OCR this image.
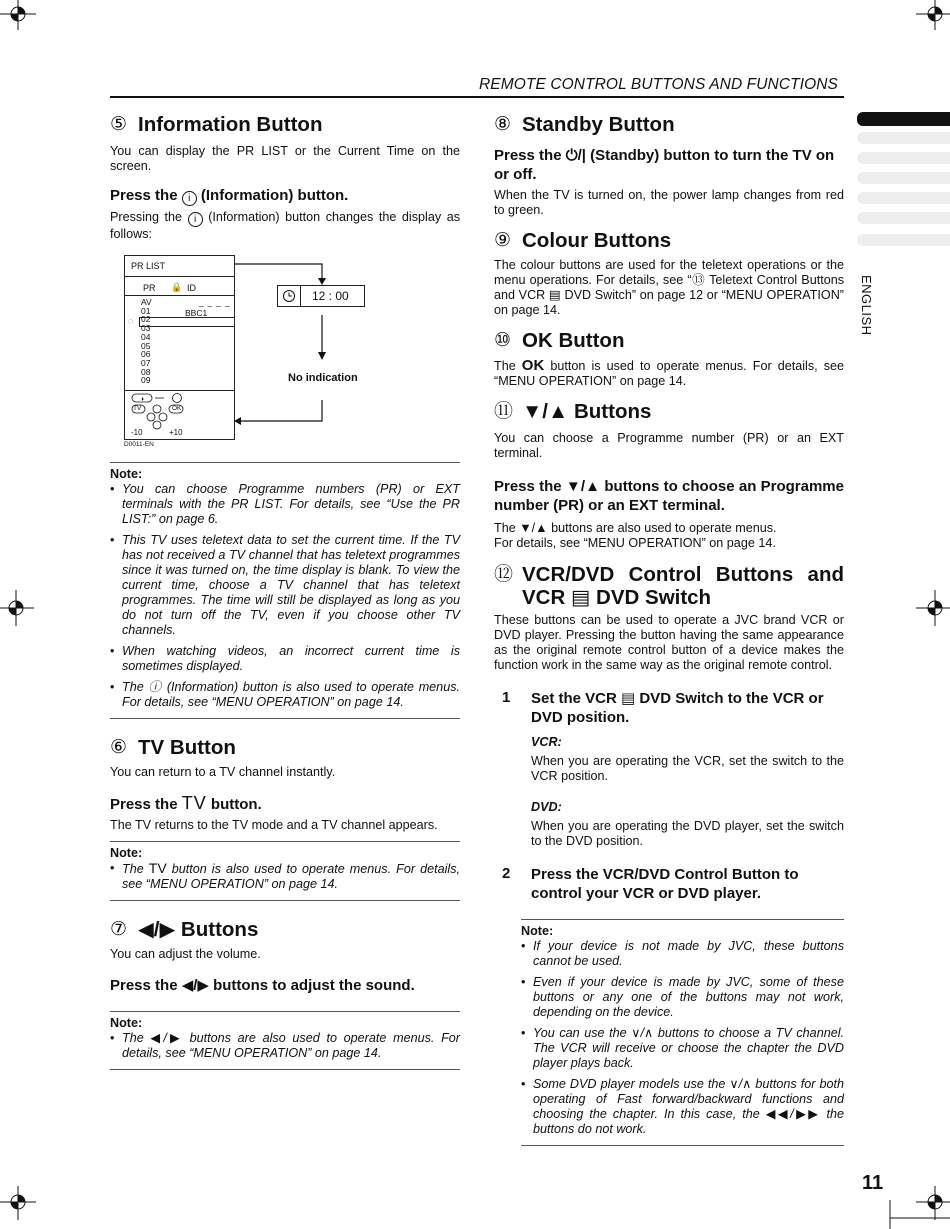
REMOTE CONTROL BUTTONS AND FUNCTIONS
ENGLISH
⑤ Information Button

You can display the PR LIST or the Current Time on the screen.

Press the i (Information) button.

Pressing the i (Information) button changes the display as follows:

PR LIST
PR 🔒 ID
_ _ _ _
AV
01
02
03
04
05
06
07
08
09
BBC1
◌
◑
TV	OK
-10	+10
D0011-EN
12 : 00
No indication
Note:
• You can choose Programme numbers (PR) or EXT terminals with the PR LIST. For details, see “Use the PR LIST:” on page 6.
• This TV uses teletext data to set the current time. If the TV has not received a TV channel that has teletext programmes since it was turned on, the time display is blank. To view the current time, choose a TV channel that has teletext programmes. The time will still be displayed as long as you do not turn off the TV, even if you choose other TV channels.
• When watching videos, an incorrect current time is sometimes displayed.
• The ⓘ (Information) button is also used to operate menus. For details, see “MENU OPERATION” on page 14.
⑥ TV Button

You can return to a TV channel instantly.

Press the TV button.

The TV returns to the TV mode and a TV channel appears.

Note:
• The TV button is also used to operate menus. For details, see “MENU OPERATION” on page 14.
⑦ ◀/▶ Buttons

You can adjust the volume.

Press the ◀/▶ buttons to adjust the sound.
Note:
• The ◀/▶ buttons are also used to operate menus. For details, see “MENU OPERATION” on page 14.
⑧ Standby Button
Press the ⏻/| (Standby) button to turn the TV on or off.

When the TV is turned on, the power lamp changes from red to green.

⑨ Colour Buttons

The colour buttons are used for the teletext operations or the menu operations. For details, see “⑬ Teletext Control Buttons and VCR ▤ DVD Switch” on page 12 or “MENU OPERATION” on page 14.

⑩ OK Button

The OK button is used to operate menus. For details, see “MENU OPERATION” on page 14.

⑪ ▼/▲ Buttons

You can choose a Programme number (PR) or an EXT terminal.

Press the ▼/▲ buttons to choose an Programme number (PR) or an EXT terminal.

The ▼/▲ buttons are also used to operate menus.

For details, see “MENU OPERATION” on page 14.

⑫ VCR/DVD Control Buttons and
VCR ▤ DVD Switch

These buttons can be used to operate a JVC brand VCR or DVD player. Pressing the button having the same appearance as the original remote control button of a device makes the function work in the same way as the original remote control.

1	Set the VCR ▤ DVD Switch to the VCR or DVD position.
VCR:

When you are operating the VCR, set the switch to the VCR position.

DVD:

When you are operating the DVD player, set the switch to the DVD position.

2	Press the VCR/DVD Control Button to control your VCR or DVD player.
Note:
• If your device is not made by JVC, these buttons cannot be used.
• Even if your device is made by JVC, some of these buttons or any one of the buttons may not work, depending on the device.
• You can use the ∨/∧ buttons to choose a TV channel. The VCR will receive or choose the chapter the DVD player plays back.
• Some DVD player models use the ∨/∧ buttons for both operating of Fast forward/backward functions and choosing the chapter. In this case, the ◀◀/▶▶ the buttons do not work.
11
